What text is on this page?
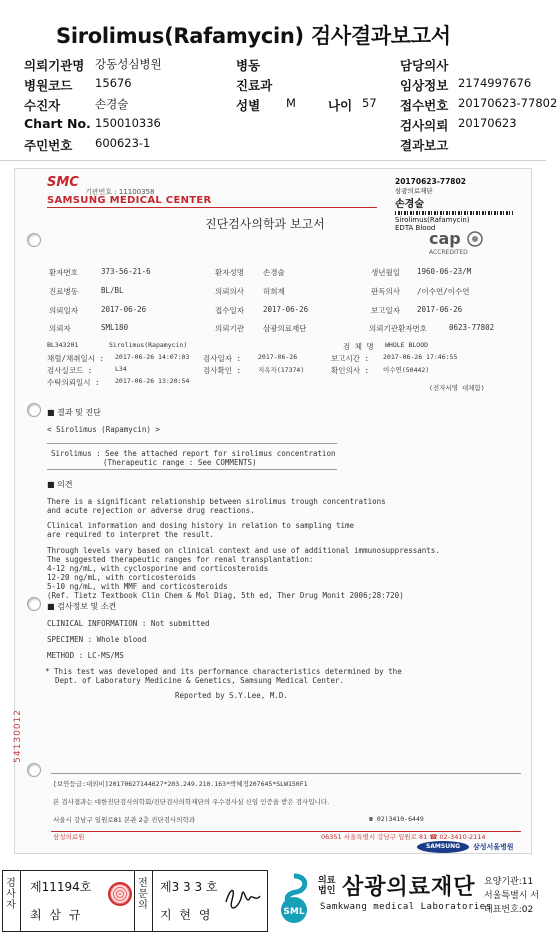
Sirolimus(Rafamycin) 검사결과보고서
의뢰기관명 강동성심병원	병동	담당의사
병원코드 15676	진료과	임상정보 2174997676
수진자	손경술	성별 M	나이 57 접수번호 20170623-77802
Chart No. 150010336	검사의뢰 20170623
주민번호 600623-1	결과보고
SMC
기관번호 : 11100358
SAMSUNG MEDICAL CENTER
진단검사의학과 보고서
20170623-77802
삼광의료재단
손경술
Sirolimus(Rafamycin)
EDTA Blood
cap
ACCREDITED
환자번호	373-56-21-6	환자성명	손경술	생년월일 1960-06-23/M
진료병동	BL/BL	의뢰의사	허희재	판독의사 /이수연/이수연
의뢰일자	2017-06-26	접수일자	2017-06-26	보고일자 2017-06-26
의뢰자	SML180	의뢰기관	삼광의료재단	의뢰기관환자번호	0623-77802
BL343201	Sirolimus(Rapamycin)	검 체 명 WHOLE BLOOD
채혈/채취일시 : 2017-06-26 14:07:03 검사일자 :	2017-06-26	보고시간 : 2017-06-26 17:46:55
검사실코드 :	L34	검사확인 :	지옥자(17374)	확인의사 : 이수연(50442)
수탁의뢰일시 : 2017-06-26 13:20:54
(전자서명 대체함)
■ 결과 및 진단
< Sirolimus (Rapamycin) >
Sirolimus : See the attached report for sirolimus concentration
(Therapeutic range : See COMMENTS)
■ 의견
There is a significant relationship between sirolimus trough concentrations
and acute rejection or adverse drug reactions.
Clinical information and dosing history in relation to sampling time
are required to interpret the result.
Through levels vary based on clinical context and use of additional immunosuppressants.
The suggested therapeutic ranges for renal transplantation:
4-12 ng/mL, with cyclosporine and corticosteroids
12-20 ng/mL, with corticosteroids
5-10 ng/mL, with MMF and corticosteroids
(Ref. Tietz Textbook Clin Chem & Mol Diag, 5th ed, Ther Drug Monit 2006;28:720)
■ 검사정보 및 소견
CLINICAL INFORMATION : Not submitted
SPECIMEN : Whole blood
METHOD : LC-MS/MS
* This test was developed and its performance characteristics determined by the
Dept. of Laboratory Medicine & Genetics, Samsung Medical Center.
Reported by S.Y.Lee, M.D.
54130012
[보안등급:대외비]20170627144627*203.249.210.163*박혜정207645*SLW150F1
본 검사결과는 대한진단검사의학회/진단검사의학재단의 우수검사실 신임 인증을 받은 검사입니다.
서울시 강남구 일원로81 본관 2층 진단검사의학과	☎ 02)3410-6449
삼성의료원	06351 서울특별시 강남구 일원로 81 ☎ 02-3410-2114
SAMSUNG	삼성서울병원
검사자
제11194호
최 삼 규
전문의
제3 3 3 호
지 현 영	SML
의료
법인 삼광의료재단
Samkwang medical Laboratories
요양기관:11
서울특별시 서
대표번호:02
